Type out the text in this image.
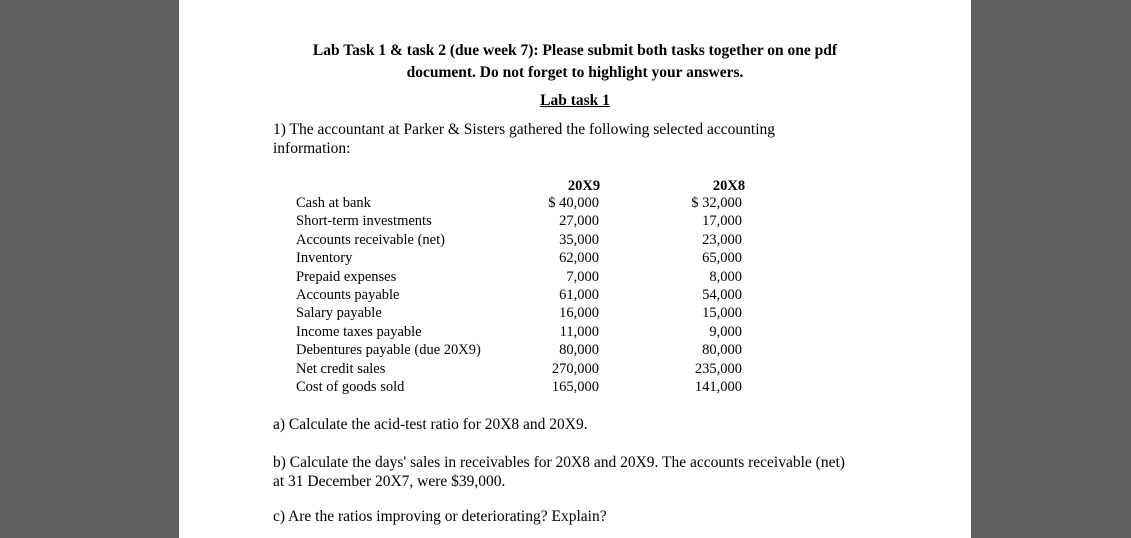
Lab Task 1 & task 2 (due week 7): Please submit both tasks together on one pdf
document. Do not forget to highlight your answers.
Lab task 1
1) The accountant at Parker & Sisters gathered the following selected accounting
information:
20X9	20X8
Cash at bank	$ 40,000	$ 32,000
Short-term investments	27,000	17,000
Accounts receivable (net)	35,000	23,000
Inventory	62,000	65,000
Prepaid expenses	7,000	8,000
Accounts payable	61,000	54,000
Salary payable	16,000	15,000
Income taxes payable	11,000	9,000
Debentures payable (due 20X9)	80,000	80,000
Net credit sales	270,000	235,000
Cost of goods sold	165,000	141,000
a) Calculate the acid-test ratio for 20X8 and 20X9.
b) Calculate the days' sales in receivables for 20X8 and 20X9. The accounts receivable (net)
at 31 December 20X7, were $39,000.
c) Are the ratios improving or deteriorating? Explain?
